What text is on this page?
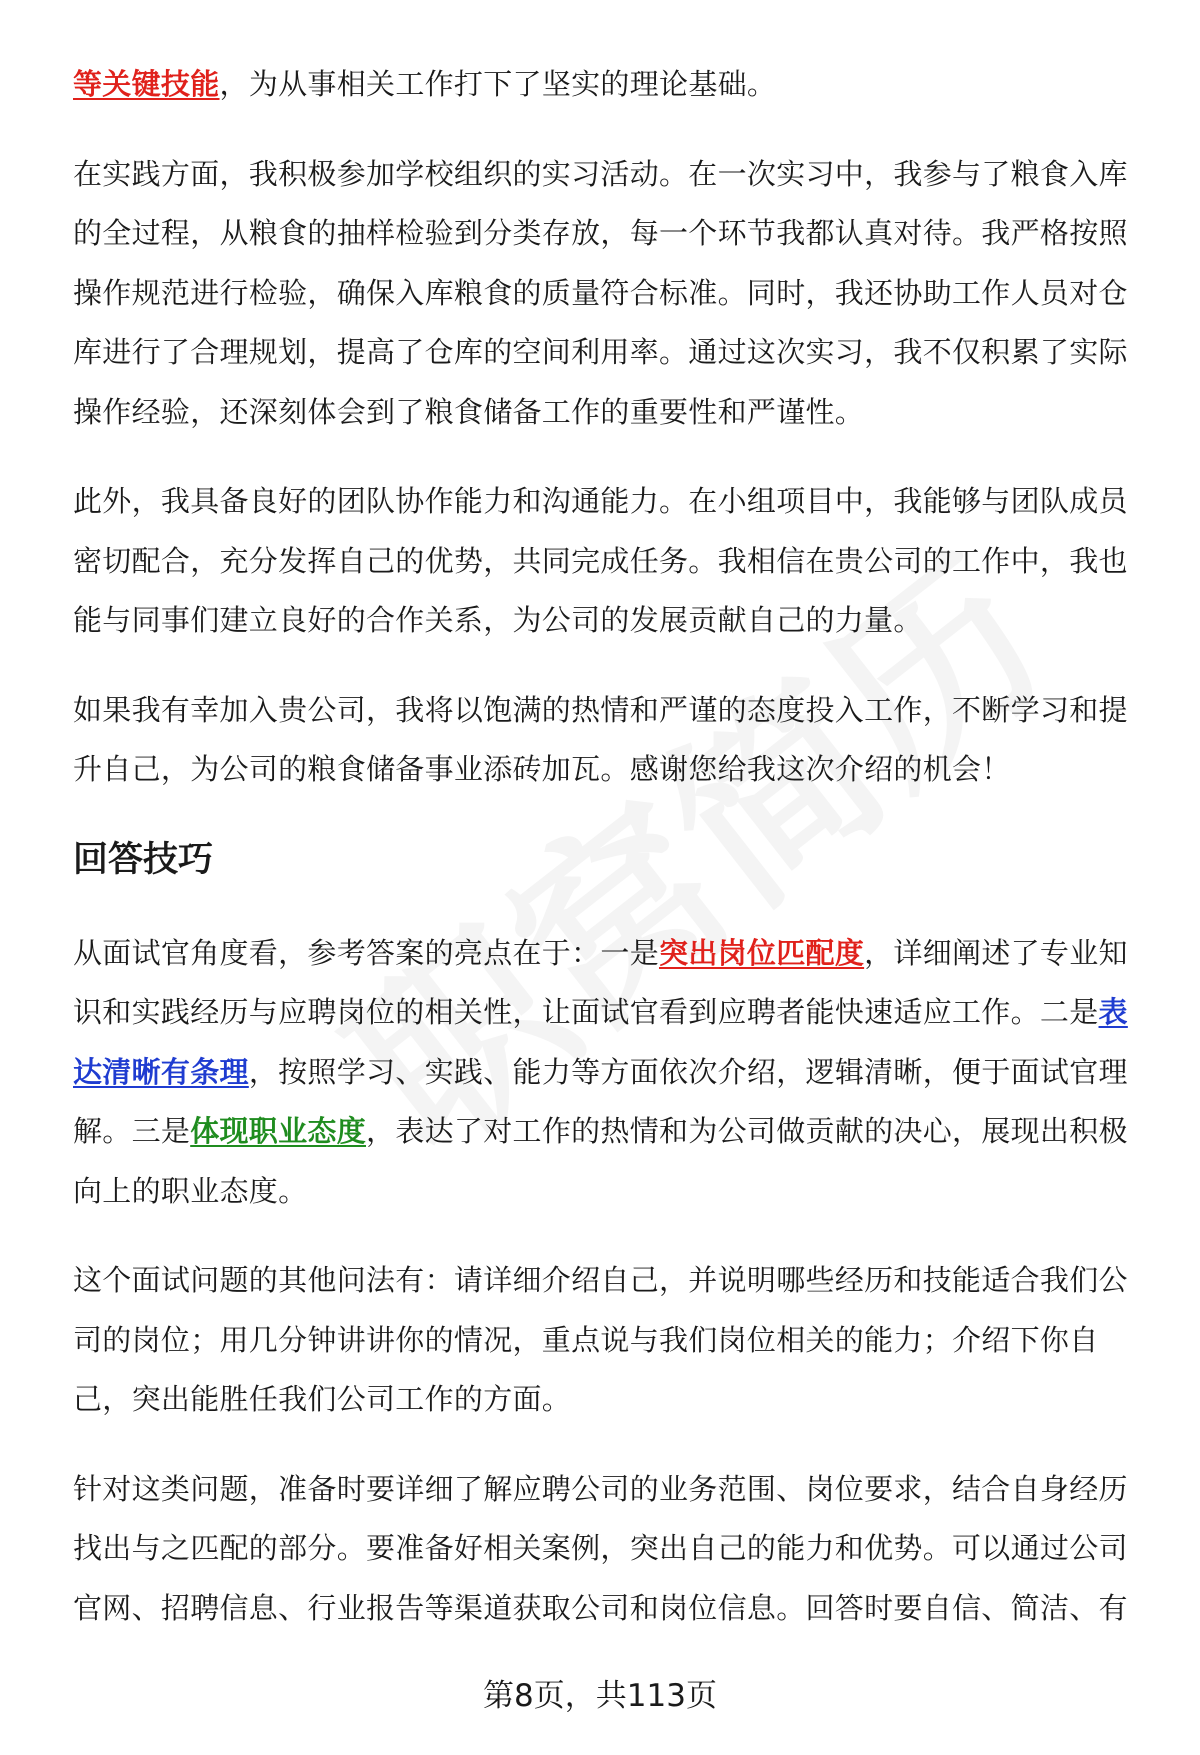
等关键技能，为从事相关工作打下了坚实的理论基础。

在实践方面，我积极参加学校组织的实习活动。在一次实习中，我参与了粮食入库的全过程，从粮食的抽样检验到分类存放，每一个环节我都认真对待。我严格按照操作规范进行检验，确保入库粮食的质量符合标准。同时，我还协助工作人员对仓库进行了合理规划，提高了仓库的空间利用率。通过这次实习，我不仅积累了实际操作经验，还深刻体会到了粮食储备工作的重要性和严谨性。

此外，我具备良好的团队协作能力和沟通能力。在小组项目中，我能够与团队成员密切配合，充分发挥自己的优势，共同完成任务。我相信在贵公司的工作中，我也能与同事们建立良好的合作关系，为公司的发展贡献自己的力量。

如果我有幸加入贵公司，我将以饱满的热情和严谨的态度投入工作，不断学习和提升自己，为公司的粮食储备事业添砖加瓦。感谢您给我这次介绍的机会！

回答技巧

从面试官角度看，参考答案的亮点在于：一是突出岗位匹配度，详细阐述了专业知识和实践经历与应聘岗位的相关性，让面试官看到应聘者能快速适应工作。二是表达清晰有条理，按照学习、实践、能力等方面依次介绍，逻辑清晰，便于面试官理解。三是体现职业态度，表达了对工作的热情和为公司做贡献的决心，展现出积极向上的职业态度。

这个面试问题的其他问法有：请详细介绍自己，并说明哪些经历和技能适合我们公司的岗位；用几分钟讲讲你的情况，重点说与我们岗位相关的能力；介绍下你自己，突出能胜任我们公司工作的方面。

针对这类问题，准备时要详细了解应聘公司的业务范围、岗位要求，结合自身经历找出与之匹配的部分。要准备好相关案例，突出自己的能力和优势。可以通过公司官网、招聘信息、行业报告等渠道获取公司和岗位信息。回答时要自信、简洁、有

第8页，共113页
